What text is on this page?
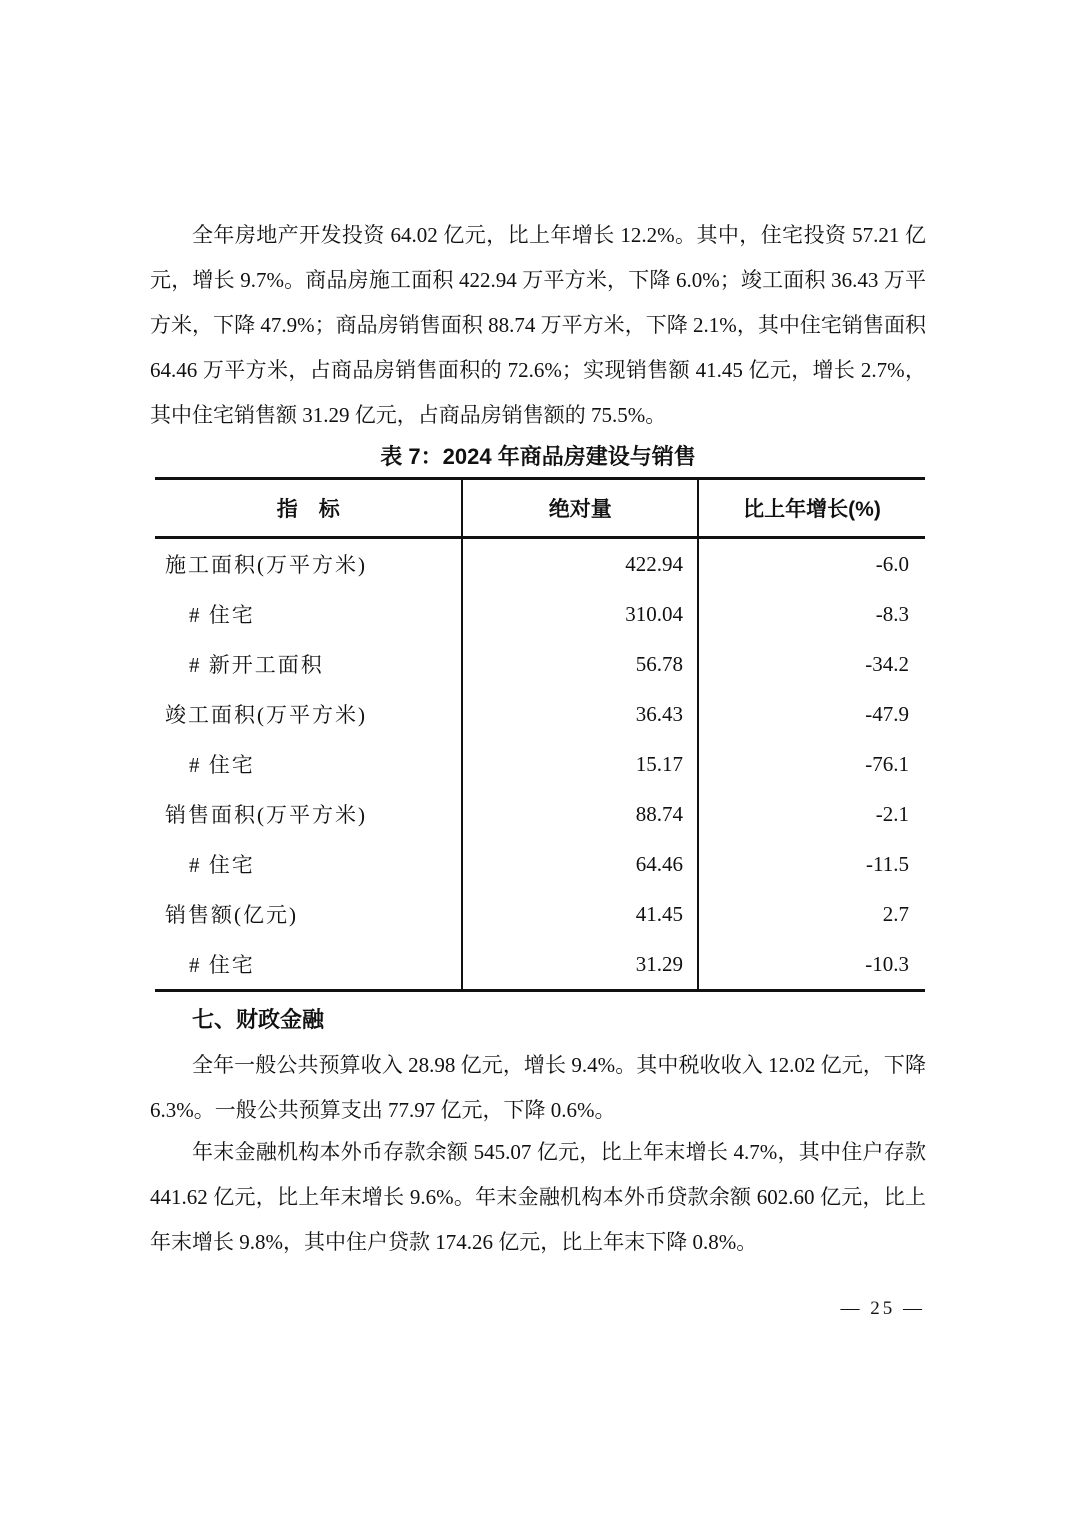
全年房地产开发投资 64.02 亿元，比上年增长 12.2%。其中，住宅投资 57.21 亿元，增长 9.7%。商品房施工面积 422.94 万平方米，下降 6.0%；竣工面积 36.43 万平方米，下降 47.9%；商品房销售面积 88.74 万平方米，下降 2.1%，其中住宅销售面积 64.46 万平方米，占商品房销售面积的 72.6%；实现销售额 41.45 亿元，增长 2.7%，其中住宅销售额 31.29 亿元，占商品房销售额的 75.5%。

表 7：2024 年商品房建设与销售
指　标	绝对量	比上年增长(%)
施工面积(万平方米)	422.94	-6.0
# 住宅	310.04	-8.3
# 新开工面积	56.78	-34.2
竣工面积(万平方米)	36.43	-47.9
# 住宅	15.17	-76.1
销售面积(万平方米)	88.74	-2.1
# 住宅	64.46	-11.5
销售额(亿元)	41.45	2.7
# 住宅	31.29	-10.3
七、财政金融

全年一般公共预算收入 28.98 亿元，增长 9.4%。其中税收收入 12.02 亿元，下降 6.3%。一般公共预算支出 77.97 亿元，下降 0.6%。

年末金融机构本外币存款余额 545.07 亿元，比上年末增长 4.7%，其中住户存款 441.62 亿元，比上年末增长 9.6%。年末金融机构本外币贷款余额 602.60 亿元，比上年末增长 9.8%，其中住户贷款 174.26 亿元，比上年末下降 0.8%。

— 25 —
